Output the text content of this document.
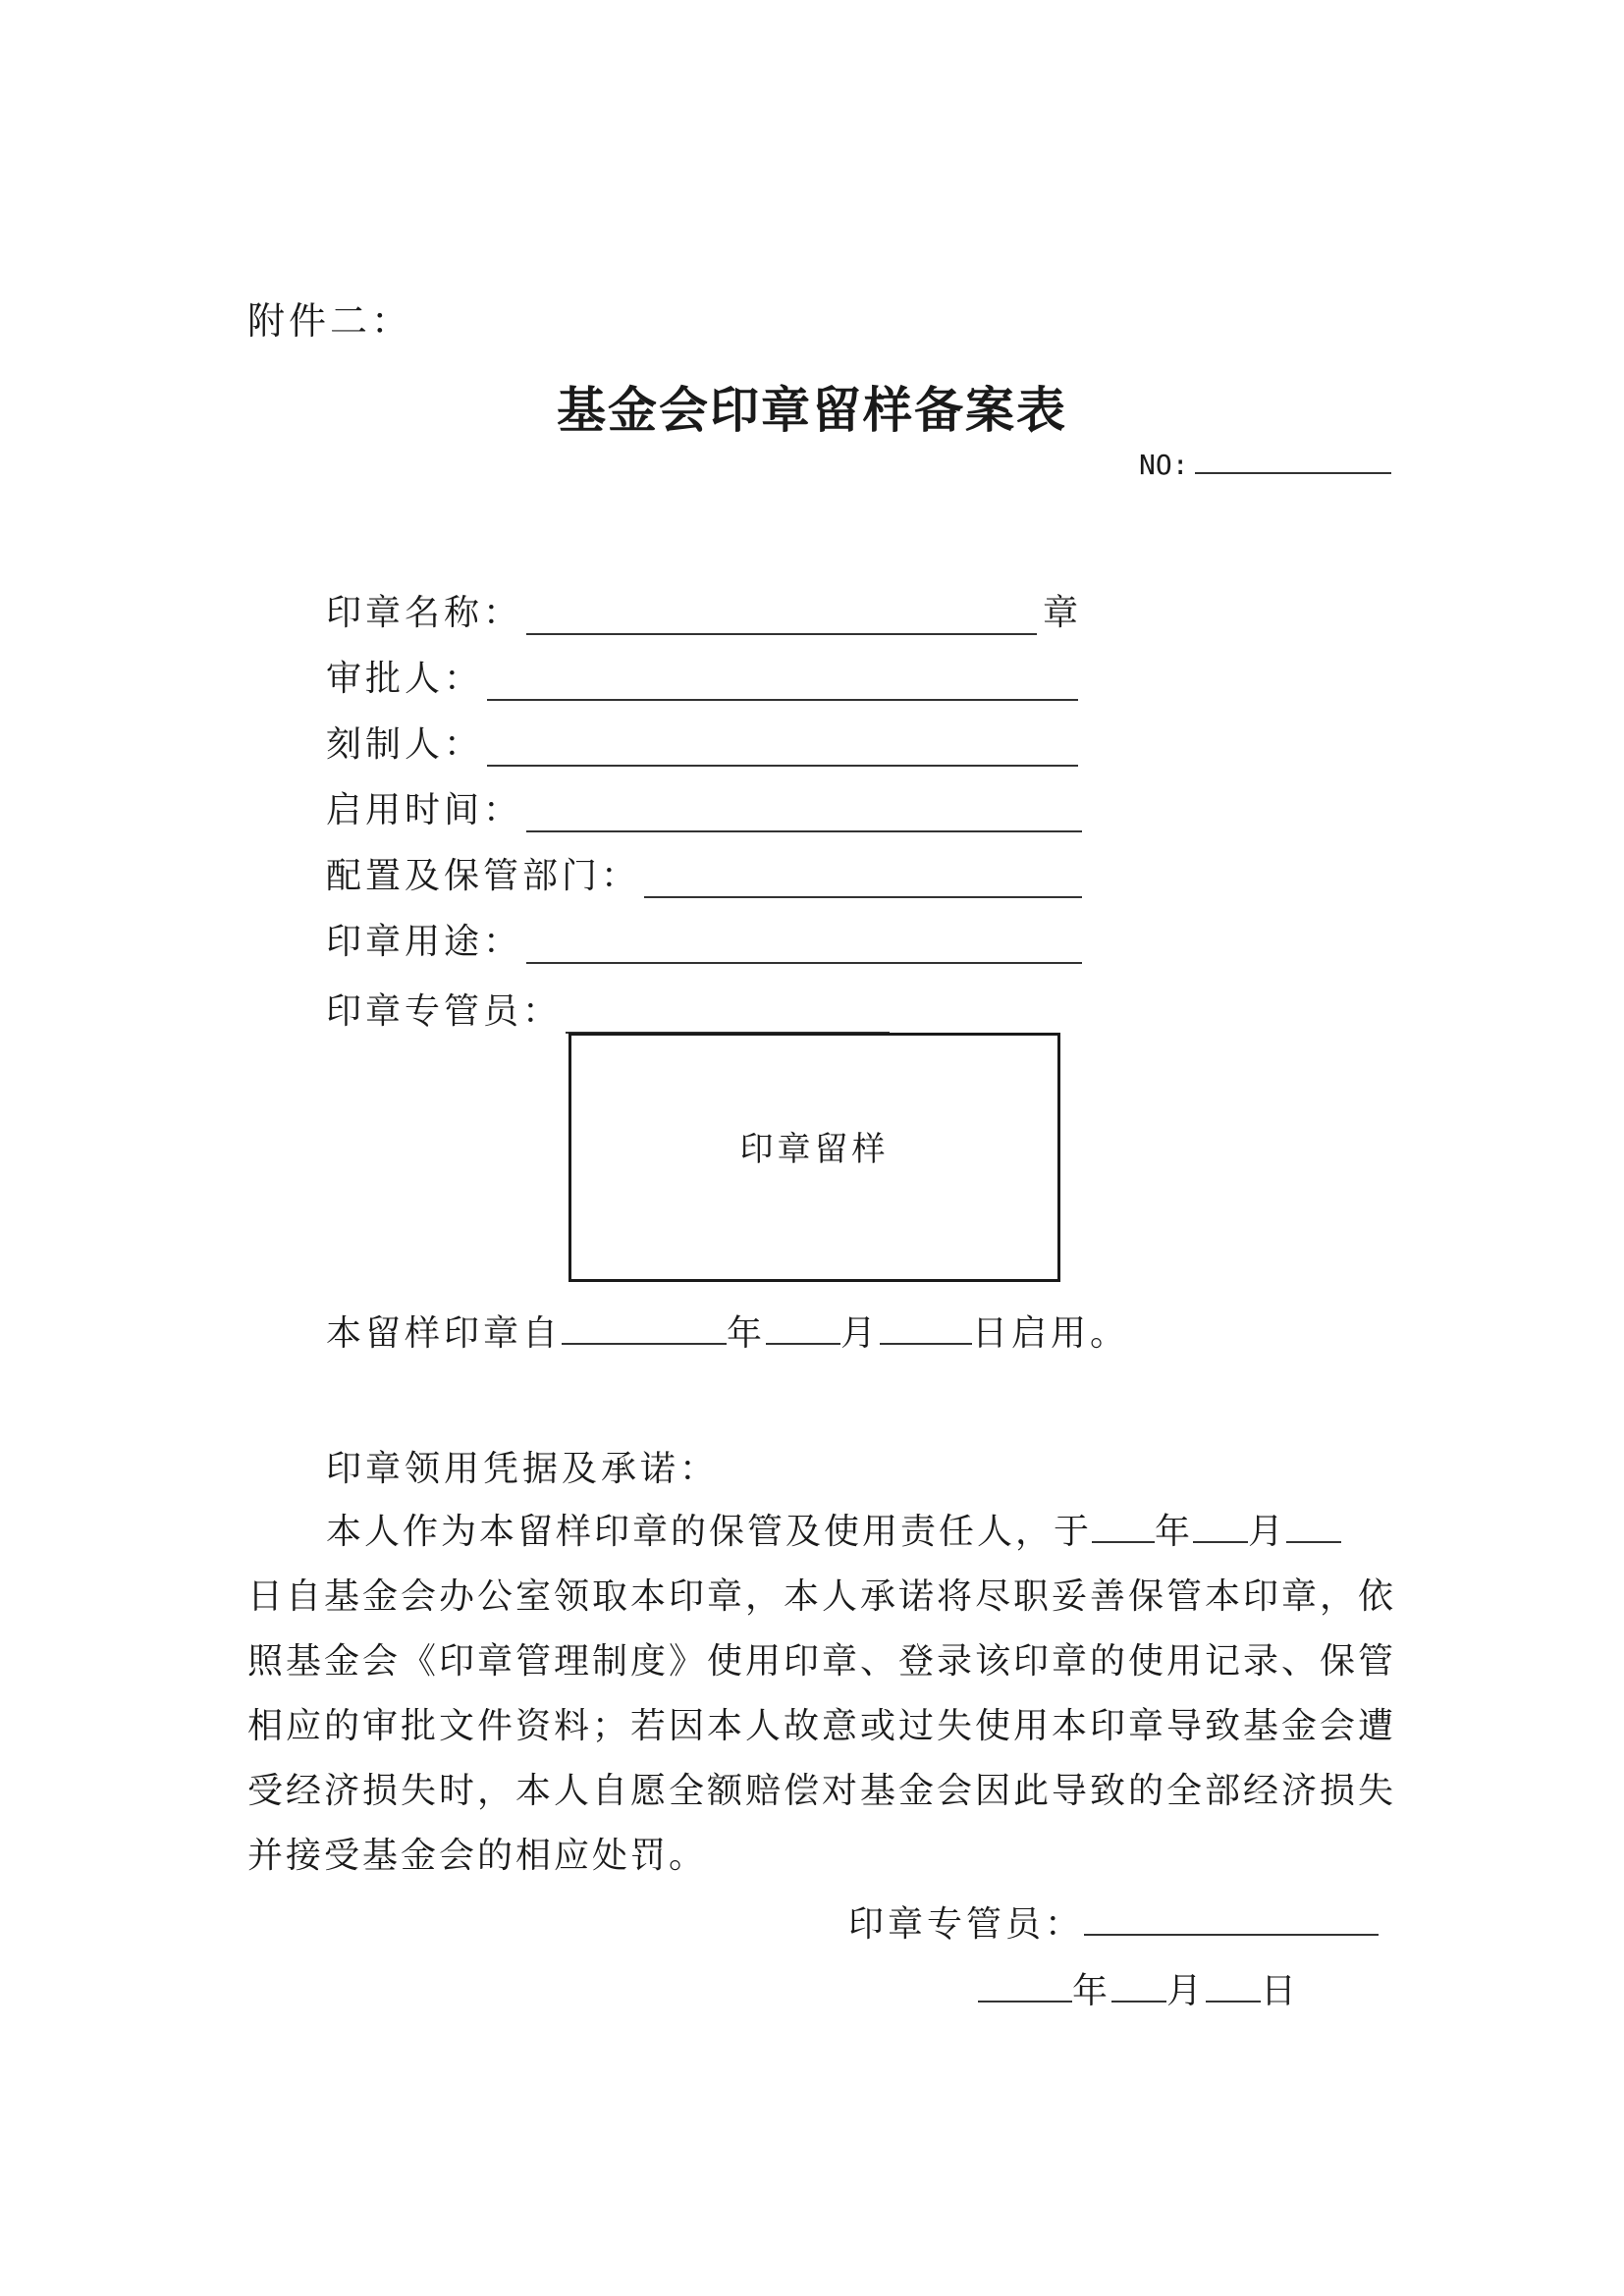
附件二：
基金会印章留样备案表
NO:
印章名称：	章
审批人：
刻制人：
启用时间：
配置及保管部门：
印章用途：
印章专管员：
印章留样
本留样印章自	年 月	日启用。
印章领用凭据及承诺：
本人作为本留样印章的保管及使用责任人，于 年 月
日自基金会办公室领取本印章，本人承诺将尽职妥善保管本印章，依
照基金会《印章管理制度》使用印章、登录该印章的使用记录、保管
相应的审批文件资料；若因本人故意或过失使用本印章导致基金会遭
受经济损失时，本人自愿全额赔偿对基金会因此导致的全部经济损失
并接受基金会的相应处罚。
印章专管员：
年 月 日
